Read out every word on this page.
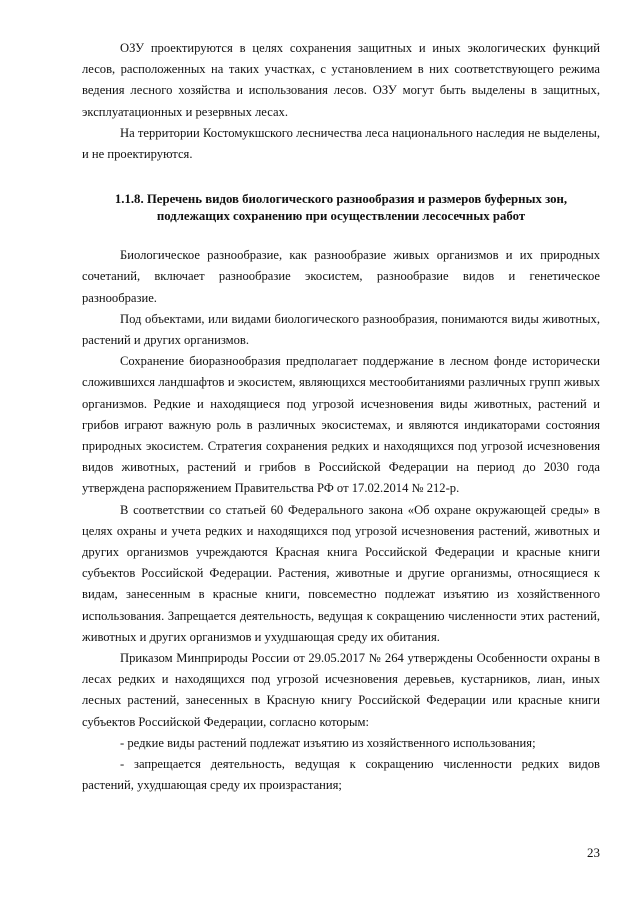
ОЗУ проектируются в целях сохранения защитных и иных экологических функций лесов, расположенных на таких участках, с установлением в них соответствующего режима ведения лесного хозяйства и использования лесов. ОЗУ могут быть выделены в защитных, эксплуатационных и резервных лесах.

На территории Костомукшского лесничества леса национального наследия не выделены, и не проектируются.

1.1.8. Перечень видов биологического разнообразия и размеров буферных зон,
подлежащих сохранению при осуществлении лесосечных работ

Биологическое разнообразие, как разнообразие живых организмов и их природных сочетаний, включает разнообразие экосистем, разнообразие видов и генетическое разнообразие.

Под объектами, или видами биологического разнообразия, понимаются виды животных, растений и других организмов.

Сохранение биоразнообразия предполагает поддержание в лесном фонде исторически сложившихся ландшафтов и экосистем, являющихся местообитаниями различных групп живых организмов. Редкие и находящиеся под угрозой исчезновения виды животных, растений и грибов играют важную роль в различных экосистемах, и являются индикаторами состояния природных экосистем. Стратегия сохранения редких и находящихся под угрозой исчезновения видов животных, растений и грибов в Российской Федерации на период до 2030 года утверждена распоряжением Правительства РФ от 17.02.2014 № 212-р.

В соответствии со статьей 60 Федерального закона «Об охране окружающей среды» в целях охраны и учета редких и находящихся под угрозой исчезновения растений, животных и других организмов учреждаются Красная книга Российской Федерации и красные книги субъектов Российской Федерации. Растения, животные и другие организмы, относящиеся к видам, занесенным в красные книги, повсеместно подлежат изъятию из хозяйственного использования. Запрещается деятельность, ведущая к сокращению численности этих растений, животных и других организмов и ухудшающая среду их обитания.

Приказом Минприроды России от 29.05.2017 № 264 утверждены Особенности охраны в лесах редких и находящихся под угрозой исчезновения деревьев, кустарников, лиан, иных лесных растений, занесенных в Красную книгу Российской Федерации или красные книги субъектов Российской Федерации, согласно которым:

- редкие виды растений подлежат изъятию из хозяйственного использования;

- запрещается деятельность, ведущая к сокращению численности редких видов растений, ухудшающая среду их произрастания;

23
